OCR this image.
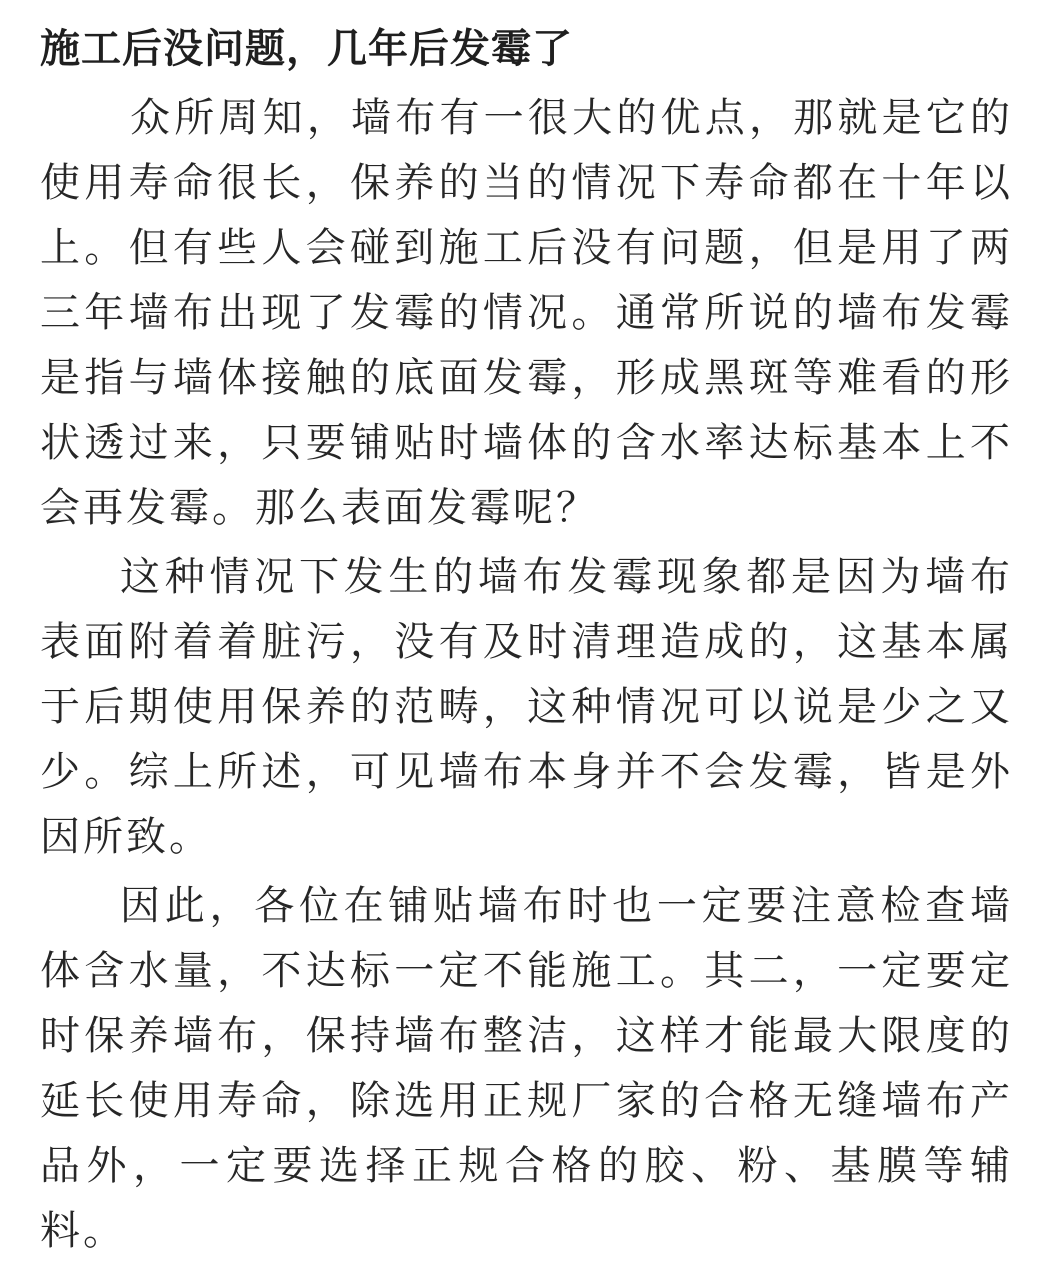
施工后没问题，几年后发霉了

众所周知，墙布有一很大的优点，那就是它的使用寿命很长，保养的当的情况下寿命都在十年以上。但有些人会碰到施工后没有问题，但是用了两三年墙布出现了发霉的情况。通常所说的墙布发霉是指与墙体接触的底面发霉，形成黑斑等难看的形状透过来，只要铺贴时墙体的含水率达标基本上不会再发霉。那么表面发霉呢？

这种情况下发生的墙布发霉现象都是因为墙布表面附着着脏污，没有及时清理造成的，这基本属于后期使用保养的范畴，这种情况可以说是少之又少。综上所述，可见墙布本身并不会发霉，皆是外因所致。

因此，各位在铺贴墙布时也一定要注意检查墙体含水量，不达标一定不能施工。其二，一定要定时保养墙布，保持墙布整洁，这样才能最大限度的延长使用寿命，除选用正规厂家的合格无缝墙布产品外，一定要选择正规合格的胶、粉、基膜等辅料。
